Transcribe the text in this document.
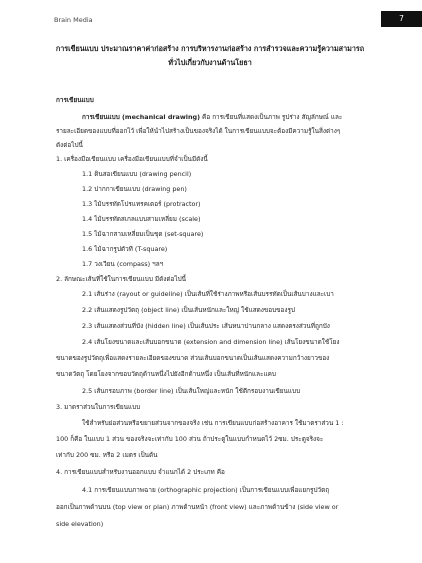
Brain Media	7
การเขียนแบบ ประมาณราคาค่าก่อสร้าง การบริหารงานก่อสร้าง การสำรวจและความรู้ความสามารถ
ทั่วไปเกี่ยวกับงานด้านโยธา
การเขียนแบบ
การเขียนแบบ (mechanical drawing) คือ การเขียนที่แสดงเป็นภาพ รูปร่าง สัญลักษณ์ และ
รายละเอียดของแบบที่ออกไว้ เพื่อให้นำไปสร้างเป็นของจริงได้ ในการเขียนแบบจะต้องมีความรู้ในสิ่งต่างๆ
ดังต่อไปนี้
1. เครื่องมือเขียนแบบ เครื่องมือเขียนแบบที่จำเป็นมีดังนี้
1.1 ดินสอเขียนแบบ (drawing pencil)
1.2 ปากกาเขียนแบบ (drawing pen)
1.3 ไม้บรรทัดโปรแทรคเตอร์ (protractor)
1.4 ไม้บรรทัดสเกลแบบสามเหลี่ยม (scale)
1.5 ไม้ฉากสามเหลี่ยมเป็นชุด (set-square)
1.6 ไม้ฉากรูปตัวที (T-square)
1.7 วงเวียน (compass) ฯลฯ
2. ลักษณะเส้นที่ใช้ในการเขียนแบบ มีดังต่อไปนี้
2.1 เส้นร่าง (rayout or guideline) เป็นเส้นที่ใช้ร่างภาพหรือเส้นบรรทัดเป็นเส้นบางและเบา
2.2 เส้นแสดงรูปวัตถุ (object line) เป็นเส้นหนักและใหญ่ ใช้แสดงขอบของรูป
2.3 เส้นแสดงส่วนที่บัง (hidden line) เป็นเส้นประ เส้นหนาปานกลาง แสดงตรงส่วนที่ถูกบัง
2.4 เส้นโยงขนาดและเส้นบอกขนาด (extension and dimension line) เส้นโยงขนาดใช้โยง
ขนาดของรูปวัตถุเพื่อแสดงรายละเอียดของขนาด ส่วนเส้นบอกขนาดเป็นเส้นแสดงความกว้างยาวของ
ขนาดวัตถุ โดยโยงจากขอบวัตถุด้านหนึ่งไปยังอีกด้านหนึ่ง เป็นเส้นที่หนักและแคบ
2.5 เส้นกรอบภาพ (border line) เป็นเส้นใหญ่และหนัก ใช้ตีกรอบงานเขียนแบบ
3. มาตราส่วนในการเขียนแบบ
ใช้สำหรับย่อส่วนหรือขยายส่วนจากของจริง เช่น การเขียนแบบก่อสร้างอาคาร ใช้มาตราส่วน 1 :
100 ก็คือ ในแบบ 1 ส่วน ของจริงจะเท่ากับ 100 ส่วน ถ้าประตูในแบบกำหนดไว้ 2ซม. ประตูจริงจะ
เท่ากับ 200 ซม. หรือ 2 เมตร เป็นต้น
4. การเขียนแบบสำหรับงานออกแบบ จำแนกได้ 2 ประเภท คือ
4.1 การเขียนแบบภาพฉาย (orthographic projection) เป็นการเขียนแบบเพื่อแยกรูปวัตถุ
ออกเป็นภาพด้านบน (top view or plan) ภาพด้านหน้า (front view) และภาพด้านข้าง (side view or
side elevation)
